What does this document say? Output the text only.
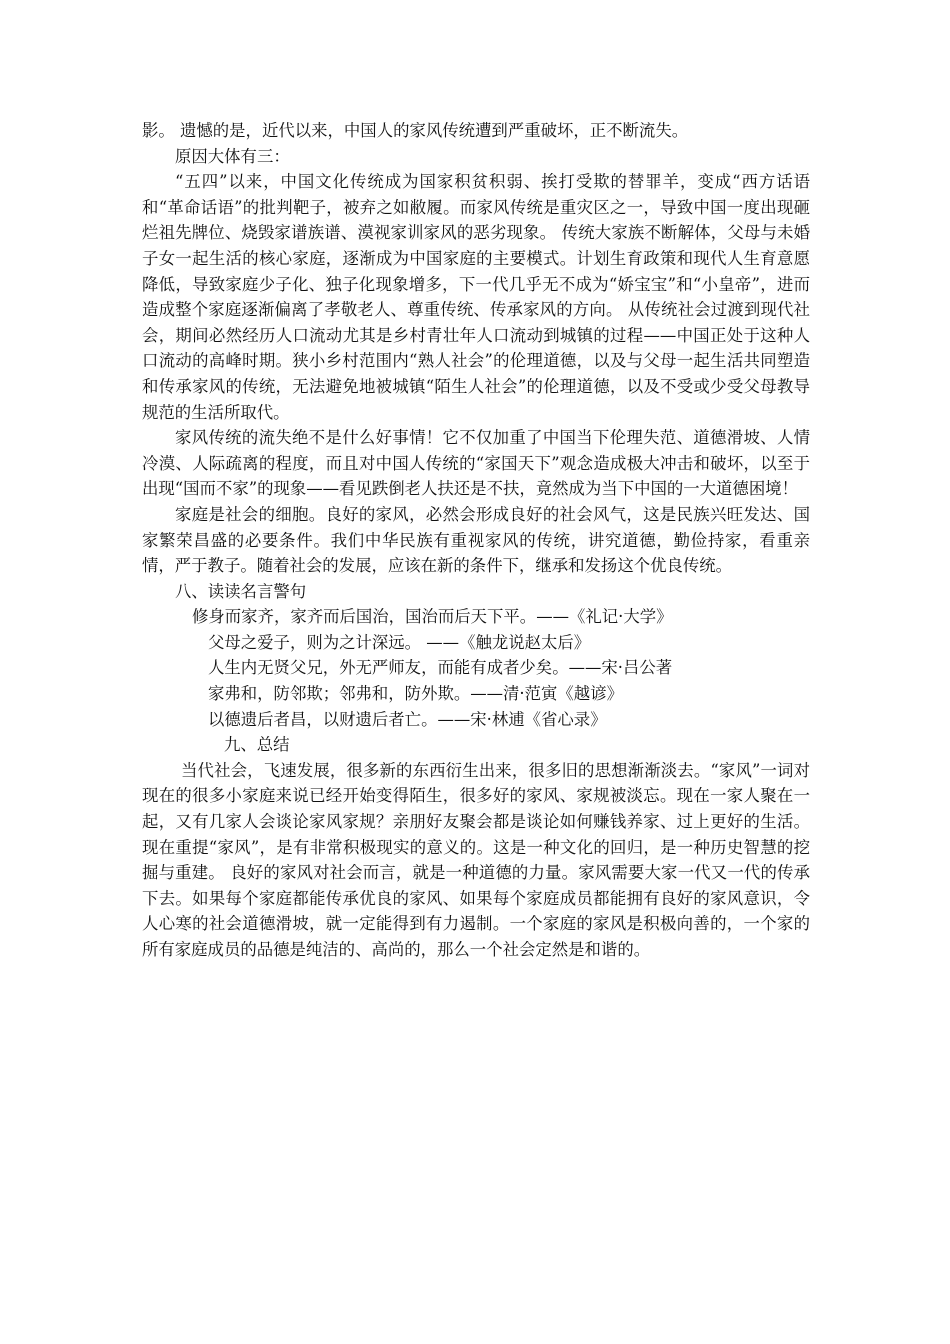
影。 遗憾的是，近代以来，中国人的家风传统遭到严重破坏，正不断流失。

原因大体有三：

“五四”以来，中国文化传统成为国家积贫积弱、挨打受欺的替罪羊，变成“西方话语和“革命话语”的批判靶子，被弃之如敝履。而家风传统是重灾区之一，导致中国一度出现砸烂祖先牌位、烧毁家谱族谱、漠视家训家风的恶劣现象。 传统大家族不断解体，父母与未婚子女一起生活的核心家庭，逐渐成为中国家庭的主要模式。计划生育政策和现代人生育意愿降低，导致家庭少子化、独子化现象增多，下一代几乎无不成为“娇宝宝”和“小皇帝”，进而造成整个家庭逐渐偏离了孝敬老人、尊重传统、传承家风的方向。 从传统社会过渡到现代社会，期间必然经历人口流动尤其是乡村青壮年人口流动到城镇的过程——中国正处于这种人口流动的高峰时期。狭小乡村范围内“熟人社会”的伦理道德，以及与父母一起生活共同塑造和传承家风的传统，无法避免地被城镇“陌生人社会”的伦理道德，以及不受或少受父母教导规范的生活所取代。

家风传统的流失绝不是什么好事情！它不仅加重了中国当下伦理失范、道德滑坡、人情冷漠、人际疏离的程度，而且对中国人传统的“家国天下”观念造成极大冲击和破坏，以至于出现“国而不家”的现象——看见跌倒老人扶还是不扶，竟然成为当下中国的一大道德困境！

家庭是社会的细胞。良好的家风，必然会形成良好的社会风气，这是民族兴旺发达、国家繁荣昌盛的必要条件。我们中华民族有重视家风的传统，讲究道德，勤俭持家，看重亲情，严于教子。随着社会的发展，应该在新的条件下，继承和发扬这个优良传统。

八、读读名言警句

修身而家齐，家齐而后国治，国治而后天下平。——《礼记·大学》

父母之爱子，则为之计深远。 ——《触龙说赵太后》

人生内无贤父兄，外无严师友，而能有成者少矣。——宋·吕公著

家弗和，防邻欺；邻弗和，防外欺。——清·范寅《越谚》

以德遗后者昌，以财遗后者亡。——宋·林逋《省心录》

九、总结

当代社会，飞速发展，很多新的东西衍生出来，很多旧的思想渐渐淡去。“家风”一词对现在的很多小家庭来说已经开始变得陌生，很多好的家风、家规被淡忘。现在一家人聚在一起，又有几家人会谈论家风家规？亲朋好友聚会都是谈论如何赚钱养家、过上更好的生活。现在重提“家风”，是有非常积极现实的意义的。这是一种文化的回归，是一种历史智慧的挖掘与重建。 良好的家风对社会而言，就是一种道德的力量。家风需要大家一代又一代的传承下去。如果每个家庭都能传承优良的家风、如果每个家庭成员都能拥有良好的家风意识，令人心寒的社会道德滑坡，就一定能得到有力遏制。一个家庭的家风是积极向善的，一个家的所有家庭成员的品德是纯洁的、高尚的，那么一个社会定然是和谐的。
